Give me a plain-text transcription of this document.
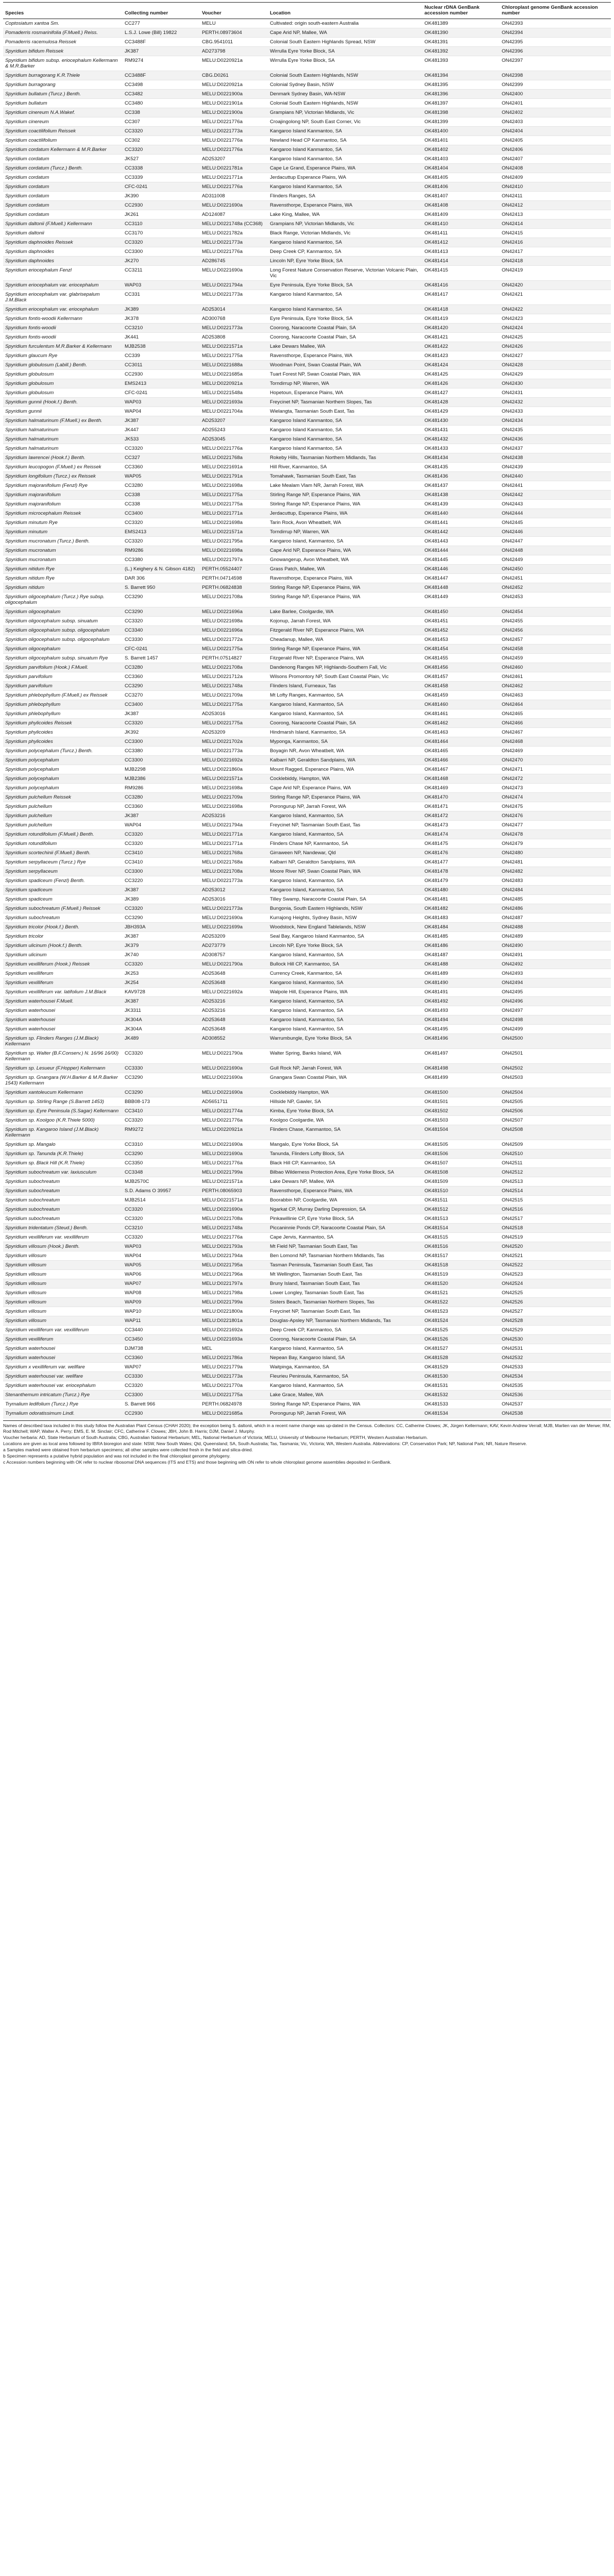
Species	Collecting number	Voucher	Location	Nuclear rDNA GenBank accession number	Chloroplast genome GenBank accession number
Coptosiatum xantoa Sm.	CC277	MELU	Cultivated: origin south-eastern Australia	OK481389	ON42393
Pomaderris rosmarinifolia (F.Muell.) Reiss.	L.S.J. Lowe (Bill) 19822	PERTH.08973604	Cape Arid NP, Mallee, WA	OK481390	ON42394
Pomaderris racemulosa Reissek	CC3488F	CBG.9541011	Colonial South Eastern Highlands Spread, NSW	OK481391	ON42395
Spyridium bifidum Reissek	JK387	AD273798	Wirrulla Eyre Yorke Block, SA	OK481392	ON42396
Spyridium bifidum subsp. eriocephalum Kellermann & M.R.Barker	RM9274	MELU:D0220921a	Wirrulla Eyre Yorke Block, SA	OK481393	ON42397
Spyridium burragorang K.R.Thiele	CC3488F	CBG.D0261	Colonial South Eastern Highlands, NSW	OK481394	ON42398
Spyridium burragorang	CC3498	MELU:D0220921a	Colonial Sydney Basin, NSW	OK481395	ON42399
Spyridium bullatum (Turcz.) Benth.	CC3482	MELU:D0221900a	Denmark Sydney Basin, WA-NSW	OK481396	ON42400
Spyridium bullatum	CC3480	MELU:D0221901a	Colonial South Eastern Highlands, NSW	OK481397	ON42401
Spyridium cinereum N.A.Wakef.	CC338	MELU:D0221900a	Grampians NP, Victorian Midlands, Vic	OK481398	ON42402
Spyridium cinereum	CC307	MELU:D0221776a	Croajingolong NP, South East Corner, Vic	OK481399	ON42403
Spyridium coactilifolium Reissek	CC3320	MELU:D0221773a	Kangaroo Island Kanmantoo, SA	OK481400	ON42404
Spyridium coactilifolium	CC302	MELU:D0221776a	Newland Head CP Kanmantoo, SA	OK481401	ON42405
Spyridium cordatum Kellermann & M.R.Barker	CC3320	MELU:D0221776a	Kangaroo Island Kanmantoo, SA	OK481402	ON42406
Spyridium cordatum	JK527	AD253207	Kangaroo Island Kanmantoo, SA	OK481403	ON42407
Spyridium cordatum (Turcz.) Benth.	CC3338	MELU:D0221781a	Cape Le Grand, Esperance Plains, WA	OK481404	ON42408
Spyridium cordatum	CC3339	MELU:D0221771a	Jerdacuttup Esperance Plains, WA	OK481405	ON42409
Spyridium cordatum	CFC-0241	MELU:D0221776a	Kangaroo Island Kanmantoo, SA	OK481406	ON42410
Spyridium cordatum	JK390	AD311008	Flinders Ranges, SA	OK481407	ON42411
Spyridium cordatum	CC2930	MELU:D0221690a	Ravensthorpe, Esperance Plains, WA	OK481408	ON42412
Spyridium cordatum	JK261	AD124087	Lake King, Mallee, WA	OK481409	ON42413
Spyridium daltonii (F.Muell.) Kellermann	CC3110	MELU:D0221748a (CC368)	Grampians NP, Victorian Midlands, Vic	OK481410	ON42414
Spyridium daltonii	CC3170	MELU:D0221782a	Black Range, Victorian Midlands, Vic	OK481411	ON42415
Spyridium daphnoides Reissek	CC3320	MELU:D0221773a	Kangaroo Island Kanmantoo, SA	OK481412	ON42416
Spyridium daphnoides	CC3300	MELU:D0221776a	Deep Creek CP, Kanmantoo, SA	OK481413	ON42417
Spyridium daphnoides	JK270	AD286745	Lincoln NP, Eyre Yorke Block, SA	OK481414	ON42418
Spyridium eriocephalum Fenzl	CC3211	MELU:D0221690a	Long Forest Nature Conservation Reserve, Victorian Volcanic Plain, Vic	OK481415	ON42419
Spyridium eriocephalum var. eriocephalum	WAP03	MELU:D0221794a	Eyre Peninsula, Eyre Yorke Block, SA	OK481416	ON42420
Spyridium eriocephalum var. glabrisepalum J.M.Black	CC331	MELU:D0221773a	Kangaroo Island Kanmantoo, SA	OK481417	ON42421
Spyridium eriocephalum var. eriocephalum	JK389	AD253014	Kangaroo Island Kanmantoo, SA	OK481418	ON42422
Spyridium fontis-woodii Kellermann	JK378	AD300768	Eyre Peninsula, Eyre Yorke Block, SA	OK481419	ON42423
Spyridium fontis-woodii	CC3210	MELU:D0221773a	Coorong, Naracoorte Coastal Plain, SA	OK481420	ON42424
Spyridium fontis-woodii	JK441	AD253808	Coorong, Naracoorte Coastal Plain, SA	OK481421	ON42425
Spyridium furculentum M.R.Barker & Kellermann	MJB2538	MELU:D0221571a	Lake Dewars Mallee, WA	OK481422	ON42426
Spyridium glaucum Rye	CC339	MELU:D0221775a	Ravensthorpe, Esperance Plains, WA	OK481423	ON42427
Spyridium globulosum (Labill.) Benth.	CC3011	MELU:D0221688a	Woodman Point, Swan Coastal Plain, WA	OK481424	ON42428
Spyridium globulosum	CC2930	MELU:D0221685a	Tuart Forest NP, Swan Coastal Plain, WA	OK481425	ON42429
Spyridium globulosum	EMS2413	MELU:D0220921a	Torndirrup NP, Warren, WA	OK481426	ON42430
Spyridium globulosum	CFC-0241	MELU:D0221548a	Hopetoun, Esperance Plains, WA	OK481427	ON42431
Spyridium gunnii (Hook.f.) Benth.	WAP03	MELU:D0221693a	Freycinet NP, Tasmanian Northern Slopes, Tas	OK481428	ON42432
Spyridium gunnii	WAP04	MELU:D0221704a	Wielangta, Tasmanian South East, Tas	OK481429	ON42433
Spyridium halmaturinum (F.Muell.) ex Benth.	JK387	AD253207	Kangaroo Island Kanmantoo, SA	OK481430	ON42434
Spyridium halmaturinum	JK447	AD255243	Kangaroo Island Kanmantoo, SA	OK481431	ON42435
Spyridium halmaturinum	JK533	AD253045	Kangaroo Island Kanmantoo, SA	OK481432	ON42436
Spyridium halmaturinum	CC3320	MELU:D0221776a	Kangaroo Island Kanmantoo, SA	OK481433	ON42437
Spyridium lawrencei (Hook.f.) Benth.	CC327	MELU:D0221768a	Rokeby Hills, Tasmanian Northern Midlands, Tas	OK481434	ON42438
Spyridium leucopogon (F.Muell.) ex Reissek	CC3360	MELU:D0221691a	Hill River, Kanmantoo, SA	OK481435	ON42439
Spyridium longifolium (Turcz.) ex Reissek	WAP05	MELU:D0221791a	Tomahawk, Tasmanian South East, Tas	OK481436	ON42440
Spyridium majoranifolium (Fenzl) Rye	CC3280	MELU:D0221698a	Lake Mealam Vlam NR, Jarrah Forest, WA	OK481437	ON42441
Spyridium majoranifolium	CC338	MELU:D0221775a	Stirling Range NP, Esperance Plains, WA	OK481438	ON42442
Spyridium majoranifolium	CC338	MELU:D0221775a	Stirling Range NP, Esperance Plains, WA	OK481439	ON42443
Spyridium microcephalum Reissek	CC3400	MELU:D0221771a	Jerdacuttup, Esperance Plains, WA	OK481440	ON42444
Spyridium minutum Rye	CC3320	MELU:D0221698a	Tarin Rock, Avon Wheatbelt, WA	OK481441	ON42445
Spyridium minutum	EMS2413	MELU:D0221571a	Torndirrup NP, Warren, WA	OK481442	ON42446
Spyridium mucronatum (Turcz.) Benth.	CC3320	MELU:D0221795a	Kangaroo Island, Kanmantoo, SA	OK481443	ON42447
Spyridium mucronatum	RM9286	MELU:D0221698a	Cape Arid NP, Esperance Plains, WA	OK481444	ON42448
Spyridium mucronatum	CC3380	MELU:D0221797a	Gnowangerup, Avon Wheatbelt, WA	OK481445	ON42449
Spyridium nitidum Rye	(L.) Keighery & N. Gibson 4182)	PERTH.05524407	Grass Patch, Mallee, WA	OK481446	ON42450
Spyridium nitidum Rye	DAR 306	PERTH.04714598	Ravensthorpe, Esperance Plains, WA	OK481447	ON42451
Spyridium nitidum	S. Barrett 950	PERTH.06824838	Stirling Range NP, Esperance Plains, WA	OK481448	ON42452
Spyridium oligocephalum (Turcz.) Rye subsp. oligocephalum	CC3290	MELU:D0221708a	Stirling Range NP, Esperance Plains, WA	OK481449	ON42453
Spyridium oligocephalum	CC3290	MELU:D0221696a	Lake Barlee, Coolgardie, WA	OK481450	ON42454
Spyridium oligocephalum subsp. sinuatum	CC3320	MELU:D0221698a	Kojonup, Jarrah Forest, WA	OK481451	ON42455
Spyridium oligocephalum subsp. oligocephalum	CC3340	MELU:D0221696a	Fitzgerald River NP, Esperance Plains, WA	OK481452	ON42456
Spyridium oligocephalum subsp. oligocephalum	CC3330	MELU:D0221772a	Cheadanup, Mallee, WA	OK481453	ON42457
Spyridium oligocephalum	CFC-0241	MELU:D0221775a	Stirling Range NP, Esperance Plains, WA	OK481454	ON42458
Spyridium oligocephalum subsp. sinuatum Rye	S. Barrett 1457	PERTH.07514827	Fitzgerald River NP, Esperance Plains, WA	OK481455	ON42459
Spyridium parvifolium (Hook.) F.Muell.	CC3280	MELU:D0221708a	Dandenong Ranges NP, Highlands-Southern Fall, Vic	OK481456	ON42460
Spyridium parvifolium	CC3360	MELU:D0221712a	Wilsons Promontory NP, South East Coastal Plain, Vic	OK481457	ON42461
Spyridium parvifolium	CC3290	MELU:D0221748a	Flinders Island, Furneaux, Tas	OK481458	ON42462
Spyridium phlebophyllum (F.Muell.) ex Reissek	CC3270	MELU:D0221709a	Mt Lofty Ranges, Kanmantoo, SA	OK481459	ON42463
Spyridium phlebophyllum	CC3400	MELU:D0221775a	Kangaroo Island, Kanmantoo, SA	OK481460	ON42464
Spyridium phlebophyllum	JK387	AD253016	Kangaroo Island, Kanmantoo, SA	OK481461	ON42465
Spyridium phylicoides Reissek	CC3320	MELU:D0221775a	Coorong, Naracoorte Coastal Plain, SA	OK481462	ON42466
Spyridium phylicoides	JK392	AD253209	Hindmarsh Island, Kanmantoo, SA	OK481463	ON42467
Spyridium phylicoides	CC3300	MELU:D0221702a	Myponga, Kanmantoo, SA	OK481464	ON42468
Spyridium polycephalum (Turcz.) Benth.	CC3380	MELU:D0221773a	Boyagin NR, Avon Wheatbelt, WA	OK481465	ON42469
Spyridium polycephalum	CC3300	MELU:D0221692a	Kalbarri NP, Geraldton Sandplains, WA	OK481466	ON42470
Spyridium polycephalum	MJB2298	MELU:D0221860a	Mount Ragged, Esperance Plains, WA	OK481467	ON42471
Spyridium polycephalum	MJB2386	MELU:D0221571a	Cocklebiddy, Hampton, WA	OK481468	ON42472
Spyridium polycephalum	RM9286	MELU:D0221698a	Cape Arid NP, Esperance Plains, WA	OK481469	ON42473
Spyridium pulchellum Reissek	CC3280	MELU:D0221709a	Stirling Range NP, Esperance Plains, WA	OK481470	ON42474
Spyridium pulchellum	CC3360	MELU:D0221698a	Porongurup NP, Jarrah Forest, WA	OK481471	ON42475
Spyridium pulchellum	JK387	AD253216	Kangaroo Island, Kanmantoo, SA	OK481472	ON42476
Spyridium pulchellum	WAP04	MELU:D0221794a	Freycinet NP, Tasmanian South East, Tas	OK481473	ON42477
Spyridium rotundifolium (F.Muell.) Benth.	CC3320	MELU:D0221771a	Kangaroo Island, Kanmantoo, SA	OK481474	ON42478
Spyridium rotundifolium	CC3320	MELU:D0221771a	Flinders Chase NP, Kanmantoo, SA	OK481475	ON42479
Spyridium scortechinii (F.Muell.) Benth.	CC3410	MELU:D0221768a	Girraween NP, Nandewar, Qld	OK481476	ON42480
Spyridium serpyllaceum (Turcz.) Rye	CC3410	MELU:D0221768a	Kalbarri NP, Geraldton Sandplains, WA	OK481477	ON42481
Spyridium serpyllaceum	CC3300	MELU:D0221708a	Moore River NP, Swan Coastal Plain, WA	OK481478	ON42482
Spyridium spadiceum (Fenzl) Benth.	CC3220	MELU:D0221773a	Kangaroo Island, Kanmantoo, SA	OK481479	ON42483
Spyridium spadiceum	JK387	AD253012	Kangaroo Island, Kanmantoo, SA	OK481480	ON42484
Spyridium spadiceum	JK389	AD253016	Tilley Swamp, Naracoorte Coastal Plain, SA	OK481481	ON42485
Spyridium subochreatum (F.Muell.) Reissek	CC3320	MELU:D0221773a	Bungonia, South Eastern Highlands, NSW	OK481482	ON42486
Spyridium subochreatum	CC3290	MELU:D0221690a	Kurrajong Heights, Sydney Basin, NSW	OK481483	ON42487
Spyridium tricolor (Hook.f.) Benth.	JBH393A	MELU:D0221699a	Woodstock, New England Tablelands, NSW	OK481484	ON42488
Spyridium tricolor	JK387	AD253209	Seal Bay, Kangaroo Island Kanmantoo, SA	OK481485	ON42489
Spyridium ulicinum (Hook.f.) Benth.	JK379	AD273779	Lincoln NP, Eyre Yorke Block, SA	OK481486	ON42490
Spyridium ulicinum	JK740	AD308757	Kangaroo Island, Kanmantoo, SA	OK481487	ON42491
Spyridium vexilliferum (Hook.) Reissek	CC3320	MELU:D0221790a	Bullock Hill CP, Kanmantoo, SA	OK481488	ON42492
Spyridium vexilliferum	JK253	AD253648	Currency Creek, Kanmantoo, SA	OK481489	ON42493
Spyridium vexilliferum	JK254	AD253648	Kangaroo Island, Kanmantoo, SA	OK481490	ON42494
Spyridium vexilliferum var. latifolium J.M.Black	KAV9728	MELU:D0221692a	Walpole Hill, Esperance Plains, WA	OK481491	ON42495
Spyridium waterhousei F.Muell.	JK387	AD253216	Kangaroo Island, Kanmantoo, SA	OK481492	ON42496
Spyridium waterhousei	JK3311	AD253216	Kangaroo Island, Kanmantoo, SA	OK481493	ON42497
Spyridium waterhousei	JK304A	AD253648	Kangaroo Island, Kanmantoo, SA	OK481494	ON42498
Spyridium waterhousei	JK304A	AD253648	Kangaroo Island, Kanmantoo, SA	OK481495	ON42499
Spyridium sp. Flinders Ranges (J.M.Black) Kellermann	JK489	AD308552	Warrumbungle, Eyre Yorke Block, SA	OK481496	ON42500
Spyridium sp. Walter (B.F.Conserv.) N. 16/96 16/00) Kellermann	CC3320	MELU:D0221790a	Walter Spring, Banks Island, WA	OK481497	ON42501
Spyridium sp. Lesueur (F.Hopper) Kellermann	CC3330	MELU:D0221690a	Gull Rock NP, Jarrah Forest, WA	OK481498	ON42502
Spyridium sp. Gnangara (W.H.Barker & M.R.Barker 1543) Kellermann	CC3290	MELU:D0221690a	Gnangara Swan Coastal Plain, WA	OK481499	ON42503
Spyridium xantoleucum Kellermann	CC3290	MELU:D0221690a	Cocklebiddy Hampton, WA	OK481500	ON42504
Spyridium sp. Stirling Range (S.Barrett 1453)	BBB08-173	AD5651711	Hillside NP, Gawler, SA	OK481501	ON42505
Spyridium sp. Eyre Peninsula (S.Sagar) Kellermann	CC3410	MELU:D0221774a	Kimba, Eyre Yorke Block, SA	OK481502	ON42506
Spyridium sp. Koolgoo (K.R.Thiele 5000)	CC3320	MELU:D0221776a	Koolgoo Coolgardie, WA	OK481503	ON42507
Spyridium sp. Kangaroo Island (J.M.Black) Kellermann	RM9272	MELU:D0220921a	Flinders Chase, Kanmantoo, SA	OK481504	ON42508
Spyridium sp. Mangalo	CC3310	MELU:D0221690a	Mangalo, Eyre Yorke Block, SA	OK481505	ON42509
Spyridium sp. Tanunda (K.R.Thiele)	CC3290	MELU:D0221690a	Tanunda, Flinders Lofty Block, SA	OK481506	ON42510
Spyridium sp. Black Hill (K.R.Thiele)	CC3350	MELU:D0221776a	Black Hill CP, Kanmantoo, SA	OK481507	ON42511
Spyridium subochreatum var. laxiusculum	CC3348	MELU:D0221799a	Bilbao Wilderness Protection Area, Eyre Yorke Block, SA	OK481508	ON42512
Spyridium subochreatum	MJB2570C	MELU:D0221571a	Lake Dewars NP, Mallee, WA	OK481509	ON42513
Spyridium subochreatum	S.D. Adams O 39957	PERTH.08065903	Ravensthorpe, Esperance Plains, WA	OK481510	ON42514
Spyridium subochreatum	MJB2514	MELU:D0221571a	Boorabbin NP, Coolgardie, WA	OK481511	ON42515
Spyridium subochreatum	CC3320	MELU:D0221690a	Ngarkat CP, Murray Darling Depression, SA	OK481512	ON42516
Spyridium subochreatum	CC3320	MELU:D0221708a	Pinkawillinie CP, Eyre Yorke Block, SA	OK481513	ON42517
Spyridium tridentatum (Steud.) Benth.	CC3210	MELU:D0221748a	Piccaninnie Ponds CP, Naracoorte Coastal Plain, SA	OK481514	ON42518
Spyridium vexilliferum var. vexilliferum	CC3320	MELU:D0221776a	Cape Jervis, Kanmantoo, SA	OK481515	ON42519
Spyridium villosum (Hook.) Benth.	WAP03	MELU:D0221793a	Mt Field NP, Tasmanian South East, Tas	OK481516	ON42520
Spyridium villosum	WAP04	MELU:D0221794a	Ben Lomond NP, Tasmanian Northern Midlands, Tas	OK481517	ON42521
Spyridium villosum	WAP05	MELU:D0221795a	Tasman Peninsula, Tasmanian South East, Tas	OK481518	ON42522
Spyridium villosum	WAP06	MELU:D0221796a	Mt Wellington, Tasmanian South East, Tas	OK481519	ON42523
Spyridium villosum	WAP07	MELU:D0221797a	Bruny Island, Tasmanian South East, Tas	OK481520	ON42524
Spyridium villosum	WAP08	MELU:D0221798a	Lower Longley, Tasmanian South East, Tas	OK481521	ON42525
Spyridium villosum	WAP09	MELU:D0221799a	Sisters Beach, Tasmanian Northern Slopes, Tas	OK481522	ON42526
Spyridium villosum	WAP10	MELU:D0221800a	Freycinet NP, Tasmanian South East, Tas	OK481523	ON42527
Spyridium villosum	WAP11	MELU:D0221801a	Douglas-Apsley NP, Tasmanian Northern Midlands, Tas	OK481524	ON42528
Spyridium vexilliferum var. vexilliferum	CC3440	MELU:D0221692a	Deep Creek CP, Kanmantoo, SA	OK481525	ON42529
Spyridium vexilliferum	CC3450	MELU:D0221693a	Coorong, Naracoorte Coastal Plain, SA	OK481526	ON42530
Spyridium waterhousei	DJM738	MEL	Kangaroo Island, Kanmantoo, SA	OK481527	ON42531
Spyridium waterhousei	CC3360	MELU:D0221786a	Nepean Bay, Kangaroo Island, SA	OK481528	ON42532
Spyridium x vexilliferum var. wellfare	WAP07	MELU:D0221779a	Waitpinga, Kanmantoo, SA	OK481529	ON42533
Spyridium waterhousei var. wellfare	CC3330	MELU:D0221773a	Fleurieu Peninsula, Kanmantoo, SA	OK481530	ON42534
Spyridium waterhousei var. eriocephalum	CC3320	MELU:D0221770a	Kangaroo Island, Kanmantoo, SA	OK481531	ON42535
Stenanthemum intricatum (Turcz.) Rye	CC3300	MELU:D0221775a	Lake Grace, Mallee, WA	OK481532	ON42536
Trymalium ledifolium (Turcz.) Rye	S. Barrett 966	PERTH.06824978	Stirling Range NP, Esperance Plains, WA	OK481533	ON42537
Trymalium odoratissimum Lindl.	CC2930	MELU:D0221685a	Porongurup NP, Jarrah Forest, WA	OK481534	ON42538

Names of described taxa included in this study follow the Australian Plant Census (CHAH 2020); the exception being S. daltonii, which in a recent name change was up-dated in the Census. Collectors: CC, Catherine Clowes; JK, Jürgen Kellermann; KAV, Kevin Andrew Verrall; MJB, Marlien van der Merwe; RM, Rod Mitchell; WAP, Walter A. Perry; EMS, E. M. Sinclair; CFC, Catherine F. Clowes; JBH, John B. Harris; DJM, Daniel J. Murphy.

Voucher herbaria: AD, State Herbarium of South Australia; CBG, Australian National Herbarium; MEL, National Herbarium of Victoria; MELU, University of Melbourne Herbarium; PERTH, Western Australian Herbarium.

Locations are given as local area followed by IBRA bioregion and state: NSW, New South Wales; Qld, Queensland; SA, South Australia; Tas, Tasmania; Vic, Victoria; WA, Western Australia. Abbreviations: CP, Conservation Park; NP, National Park; NR, Nature Reserve.

a Samples marked were obtained from herbarium specimens; all other samples were collected fresh in the field and silica-dried.

b Specimen represents a putative hybrid population and was not included in the final chloroplast genome phylogeny.

c Accession numbers beginning with OK refer to nuclear ribosomal DNA sequences (ITS and ETS) and those beginning with ON refer to whole chloroplast genome assemblies deposited in GenBank.
